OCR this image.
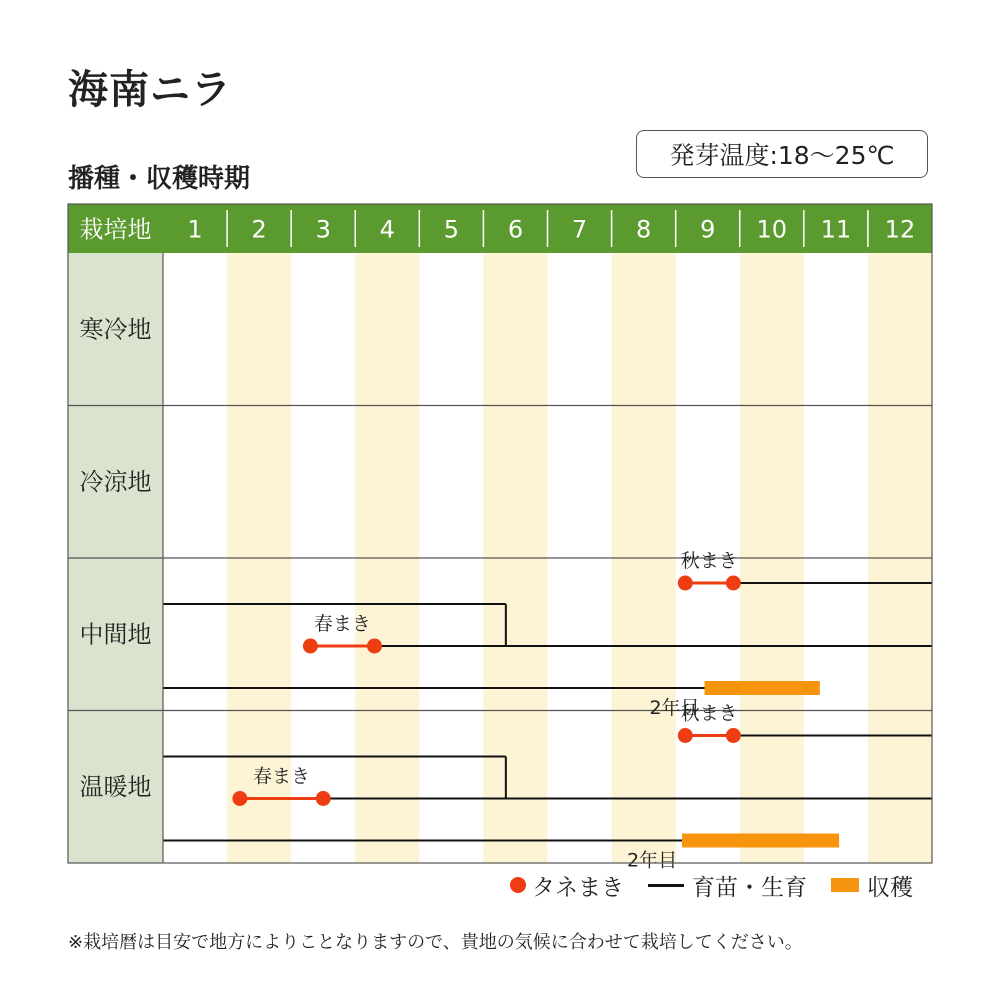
海南ニラ
播種・収穫時期
発芽温度:18〜25℃
栽培地 1 2 3 4 5 6 7 8 9 10 11 12
寒冷地
冷涼地
中間地
温暖地
春まき
秋まき
2年目
春まき
秋まき
2年目
タネまき	育苗・生育	収穫
※栽培暦は目安で地方によりことなりますので、貴地の気候に合わせて栽培してください。
